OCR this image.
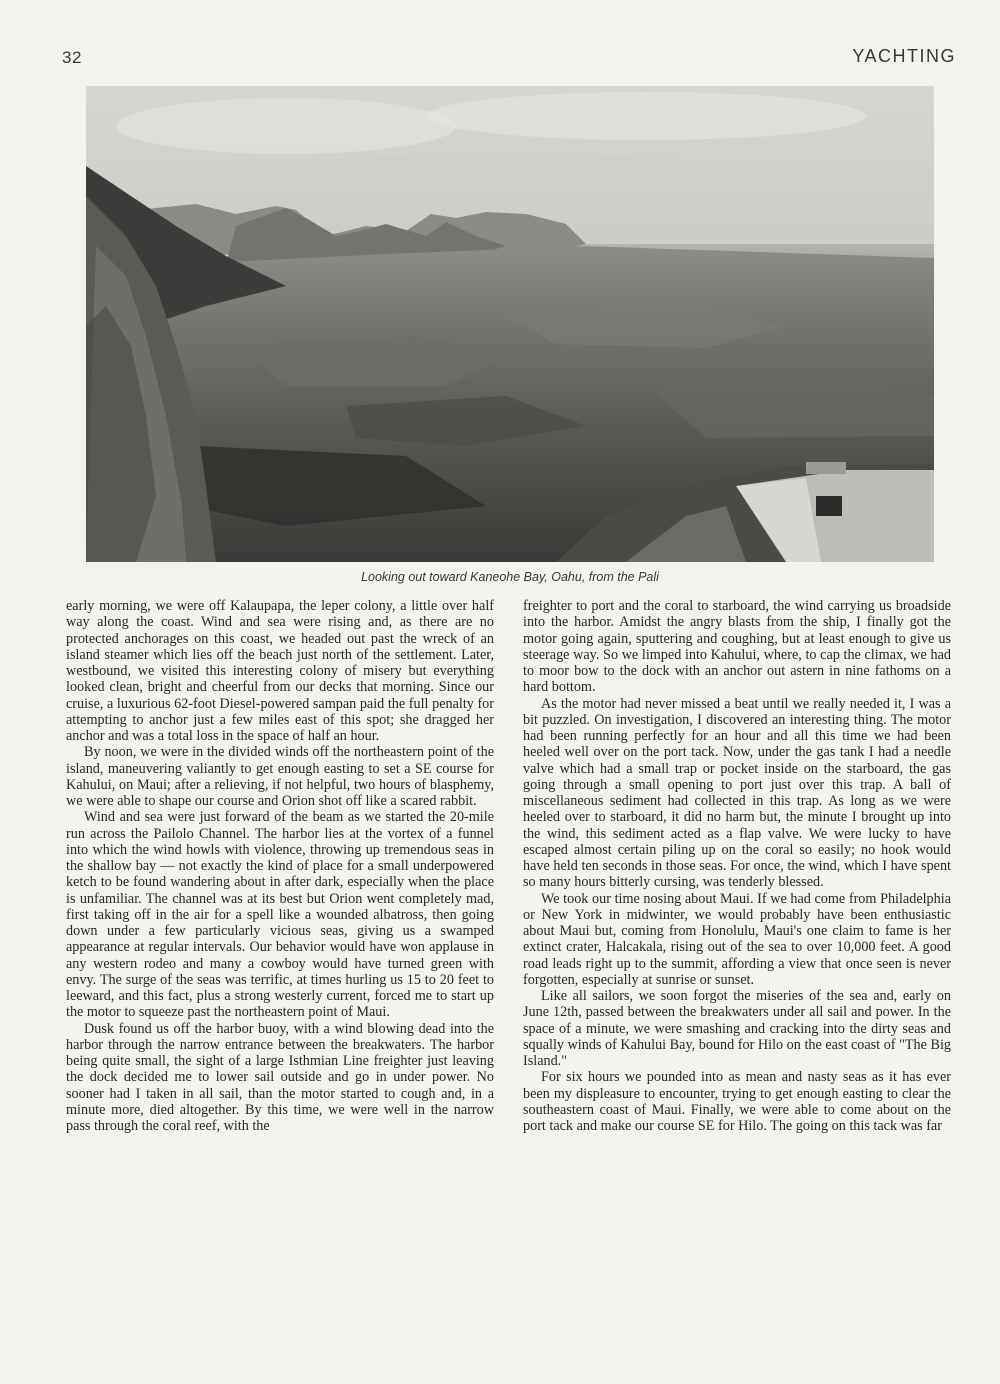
32	YACHTING
Looking out toward Kaneohe Bay, Oahu, from the Pali

early morning, we were off Kalaupapa, the leper colony, a little over half way along the coast. Wind and sea were rising and, as there are no protected anchorages on this coast, we headed out past the wreck of an island steamer which lies off the beach just north of the settlement. Later, westbound, we visited this interesting colony of misery but everything looked clean, bright and cheerful from our decks that morning. Since our cruise, a luxurious 62-foot Diesel-powered sampan paid the full penalty for attempting to anchor just a few miles east of this spot; she dragged her anchor and was a total loss in the space of half an hour.

By noon, we were in the divided winds off the northeastern point of the island, maneuvering valiantly to get enough easting to set a SE course for Kahului, on Maui; after a relieving, if not helpful, two hours of blasphemy, we were able to shape our course and Orion shot off like a scared rabbit.

Wind and sea were just forward of the beam as we started the 20-mile run across the Pailolo Channel. The harbor lies at the vortex of a funnel into which the wind howls with violence, throwing up tremendous seas in the shallow bay — not exactly the kind of place for a small underpowered ketch to be found wandering about in after dark, especially when the place is unfamiliar. The channel was at its best but Orion went completely mad, first taking off in the air for a spell like a wounded albatross, then going down under a few particularly vicious seas, giving us a swamped appearance at regular intervals. Our behavior would have won applause in any western rodeo and many a cowboy would have turned green with envy. The surge of the seas was terrific, at times hurling us 15 to 20 feet to leeward, and this fact, plus a strong westerly current, forced me to start up the motor to squeeze past the northeastern point of Maui.

Dusk found us off the harbor buoy, with a wind blowing dead into the harbor through the narrow entrance between the breakwaters. The harbor being quite small, the sight of a large Isthmian Line freighter just leaving the dock decided me to lower sail outside and go in under power. No sooner had I taken in all sail, than the motor started to cough and, in a minute more, died altogether. By this time, we were well in the narrow pass through the coral reef, with the

freighter to port and the coral to starboard, the wind carrying us broadside into the harbor. Amidst the angry blasts from the ship, I finally got the motor going again, sputtering and coughing, but at least enough to give us steerage way. So we limped into Kahului, where, to cap the climax, we had to moor bow to the dock with an anchor out astern in nine fathoms on a hard bottom.

As the motor had never missed a beat until we really needed it, I was a bit puzzled. On investigation, I discovered an interesting thing. The motor had been running perfectly for an hour and all this time we had been heeled well over on the port tack. Now, under the gas tank I had a needle valve which had a small trap or pocket inside on the starboard, the gas going through a small opening to port just over this trap. A ball of miscellaneous sediment had collected in this trap. As long as we were heeled over to starboard, it did no harm but, the minute I brought up into the wind, this sediment acted as a flap valve. We were lucky to have escaped almost certain piling up on the coral so easily; no hook would have held ten seconds in those seas. For once, the wind, which I have spent so many hours bitterly cursing, was tenderly blessed.

We took our time nosing about Maui. If we had come from Philadelphia or New York in midwinter, we would probably have been enthusiastic about Maui but, coming from Honolulu, Maui's one claim to fame is her extinct crater, Halcakala, rising out of the sea to over 10,000 feet. A good road leads right up to the summit, affording a view that once seen is never forgotten, especially at sunrise or sunset.

Like all sailors, we soon forgot the miseries of the sea and, early on June 12th, passed between the breakwaters under all sail and power. In the space of a minute, we were smashing and cracking into the dirty seas and squally winds of Kahului Bay, bound for Hilo on the east coast of "The Big Island."

For six hours we pounded into as mean and nasty seas as it has ever been my displeasure to encounter, trying to get enough easting to clear the southeastern coast of Maui. Finally, we were able to come about on the port tack and make our course SE for Hilo. The going on this tack was far
